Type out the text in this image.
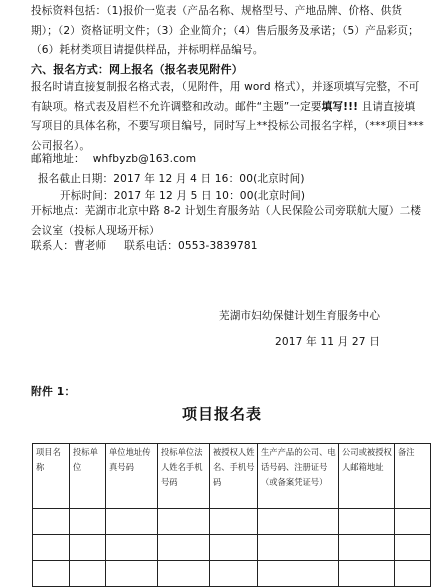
投标资料包括：（1)报价一览表（产品名称、规格型号、产地品牌、价格、供货期）；（2）资格证明文件；（3）企业简介；（4）售后服务及承诺；（5）产品彩页；（6）耗材类项目请提供样品，并标明样品编号。
六、报名方式：网上报名（报名表见附件）
报名时请直接复制报名格式表，（见附件，用 word 格式），并逐项填写完整，不可有缺项。格式表及眉栏不允许调整和改动。邮件“主题”一定要填写!!! 且请直接填写项目的具体名称，不要写项目编号，同时写上**投标公司报名字样，（***项目***公司报名）。
邮箱地址： whfbyzb@163.com
报名截止日期：2017 年 12 月 4 日 16：00(北京时间)
开标时间：2017 年 12 月 5 日 10：00(北京时间)
开标地点：芜湖市北京中路 8-2 计划生育服务站（人民保险公司旁联航大厦）二楼会议室（投标人现场开标）
联系人：曹老师 联系电话：0553-3839781
芜湖市妇幼保健计划生育服务中心
2017 年 11 月 27 日
附件 1：
项目报名表
项目名称	投标单位	单位地址传真号码	投标单位法人姓名手机号码	被授权人姓名、手机号码	生产产品的公司、电话号码、注册证号（或备案凭证号）	公司或被授权人邮箱地址	备注
